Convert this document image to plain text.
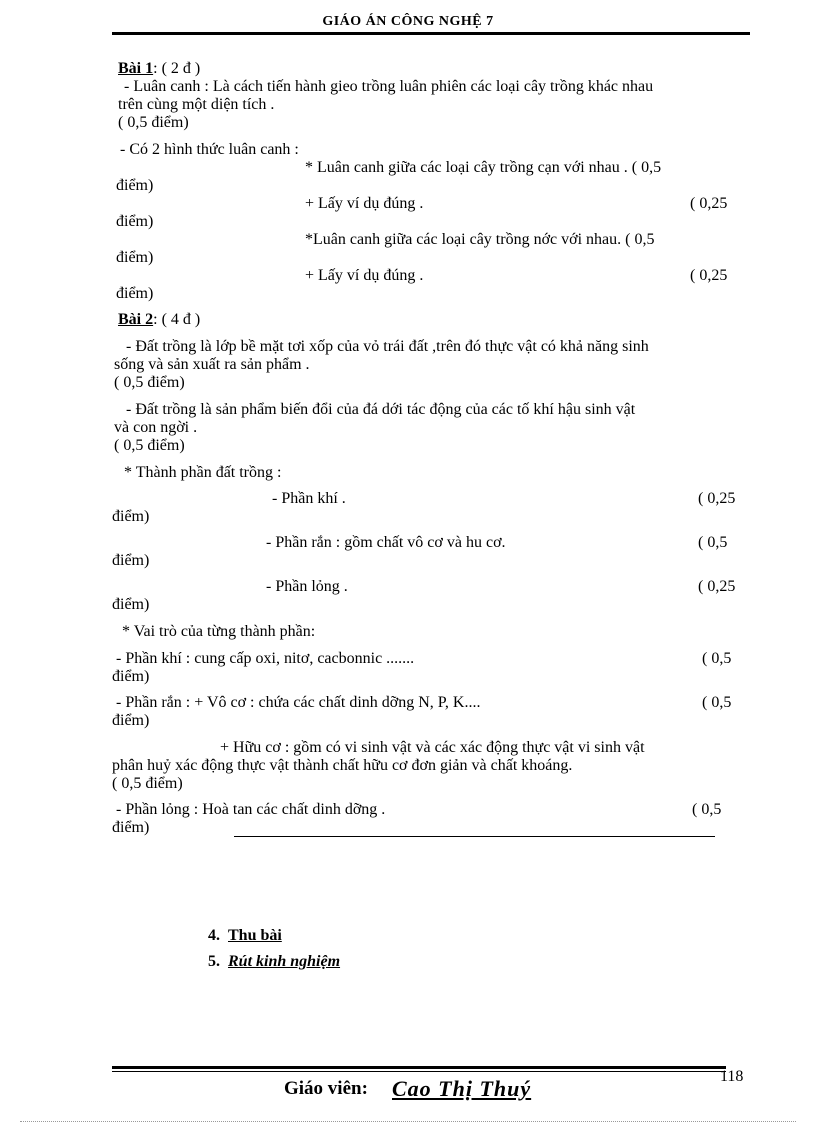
GIÁO ÁN CÔNG NGHỆ 7
Bài 1: ( 2 đ )
- Luân canh : Là cách tiến hành gieo trồng luân phiên các loại cây trồng khác nhau
trên cùng một diện tích .
( 0,5 điểm)
- Có 2 hình thức luân canh :
* Luân canh giữa các loại cây trồng cạn với nhau . ( 0,5
điểm)
+ Lấy ví dụ đúng .	( 0,25
điểm)
*Luân canh giữa các loại cây trồng nớc với nhau. ( 0,5
điểm)
+ Lấy ví dụ đúng .	( 0,25
điểm)
Bài 2: ( 4 đ )
- Đất trồng là lớp bề mặt tơi xốp của vỏ trái đất ,trên đó thực vật có khả năng sinh
sống và sản xuất ra sản phẩm .
( 0,5 điểm)
- Đất trồng là sản phẩm biến đổi của đá dới tác động của các tố khí hậu sinh vật
và con ngời .
( 0,5 điểm)
* Thành phần đất trồng :
- Phần khí .	( 0,25
điểm)
- Phần rắn : gồm chất vô cơ và hu cơ.	( 0,5
điểm)
- Phần lỏng .	( 0,25
điểm)
* Vai trò của từng thành phần:
- Phần khí : cung cấp oxi, nitơ, cacbonnic .......	( 0,5
điểm)
- Phần rắn : + Vô cơ : chứa các chất dinh dỡng N, P, K....	( 0,5
điểm)
+ Hữu cơ : gồm có vi sinh vật và các xác động thực vật vi sinh vật
phân huỷ xác động thực vật thành chất hữu cơ đơn giản và chất khoáng.
( 0,5 điểm)
- Phần lỏng : Hoà tan các chất dinh dỡng .	( 0,5
điểm)
4. Thu bài
5. Rút kinh nghiệm
118
Giáo viên: Cao Thị Thuý
